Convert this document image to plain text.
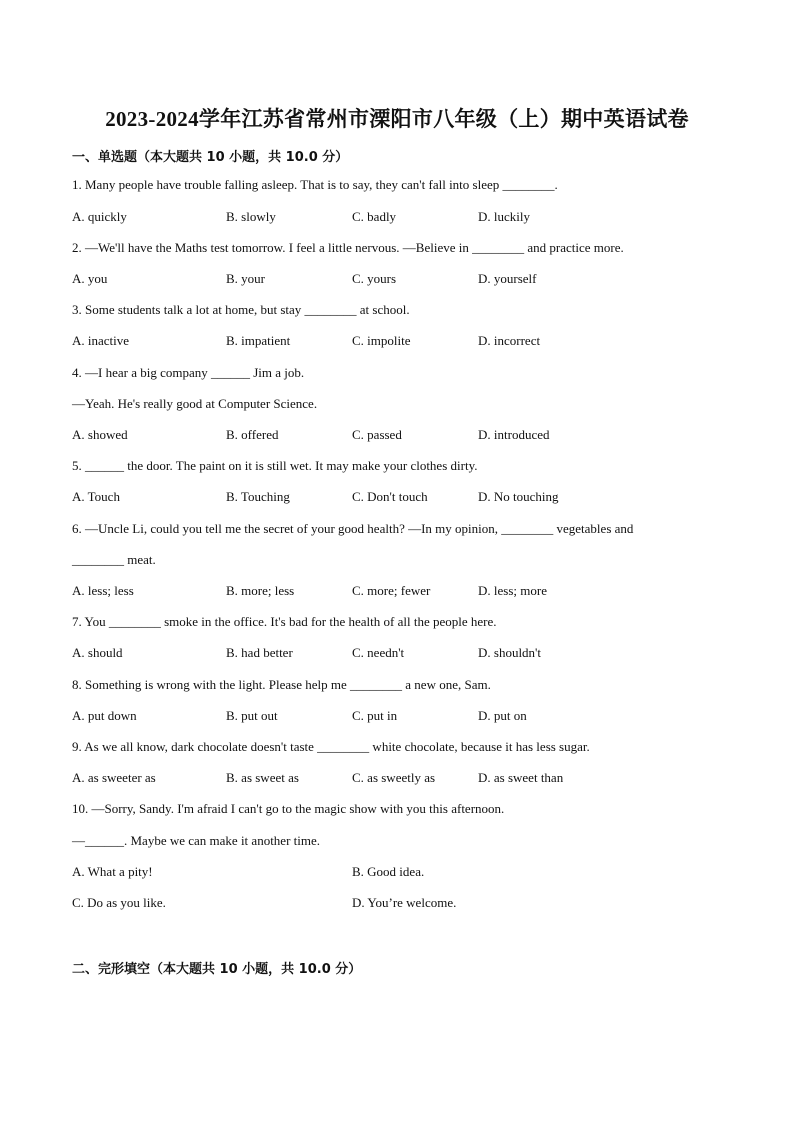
2023-2024学年江苏省常州市溧阳市八年级（上）期中英语试卷
一、单选题（本大题共 10 小题，共 10.0 分）
1. Many people have trouble falling asleep. That is to say, they can't fall into sleep ________.
A. quickly	B. slowly	C. badly	D. luckily
2. —We'll have the Maths test tomorrow. I feel a little nervous. —Believe in ________ and practice more.
A. you	B. your	C. yours	D. yourself
3. Some students talk a lot at home, but stay ________ at school.
A. inactive	B. impatient	C. impolite	D. incorrect
4. —I hear a big company ______ Jim a job.
—Yeah. He's really good at Computer Science.
A. showed	B. offered	C. passed	D. introduced
5. ______ the door. The paint on it is still wet. It may make your clothes dirty.
A. Touch	B. Touching	C. Don't touch	D. No touching
6. —Uncle Li, could you tell me the secret of your good health? —In my opinion, ________ vegetables and
________ meat.
A. less; less	B. more; less	C. more; fewer	D. less; more
7. You ________ smoke in the office. It's bad for the health of all the people here.
A. should	B. had better	C. needn't	D. shouldn't
8. Something is wrong with the light. Please help me ________ a new one, Sam.
A. put down	B. put out	C. put in	D. put on
9. As we all know, dark chocolate doesn't taste ________ white chocolate, because it has less sugar.
A. as sweeter as	B. as sweet as	C. as sweetly as	D. as sweet than
10. —Sorry, Sandy. I'm afraid I can't go to the magic show with you this afternoon.
—______. Maybe we can make it another time.
A. What a pity!	B. Good idea.
C. Do as you like.	D. You’re welcome.
二、完形填空（本大题共 10 小题，共 10.0 分）
